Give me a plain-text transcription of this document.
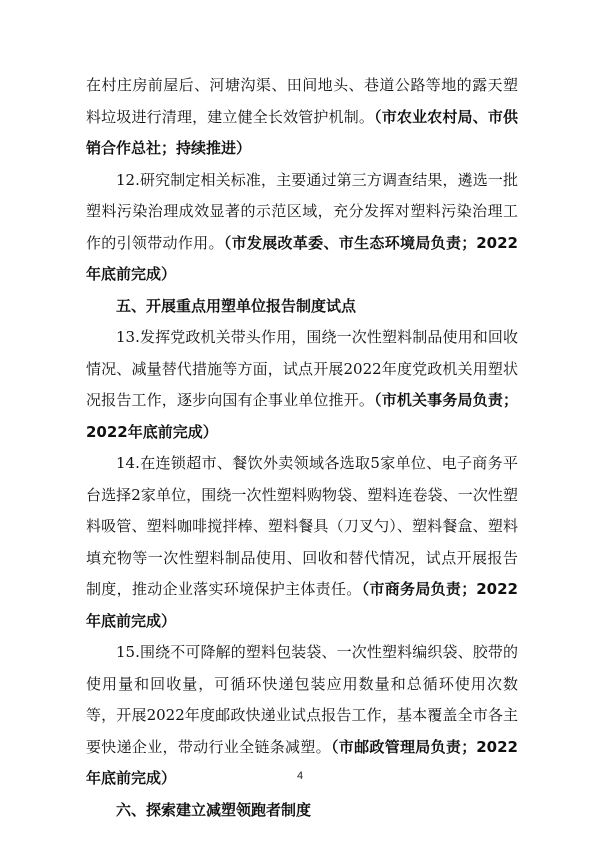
在村庄房前屋后、河塘沟渠、田间地头、巷道公路等地的露天塑料垃圾进行清理，建立健全长效管护机制。（市农业农村局、市供销合作总社；持续推进）

12.研究制定相关标准，主要通过第三方调查结果，遴选一批塑料污染治理成效显著的示范区域，充分发挥对塑料污染治理工作的引领带动作用。（市发展改革委、市生态环境局负责；2022年底前完成）

五、开展重点用塑单位报告制度试点

13.发挥党政机关带头作用，围绕一次性塑料制品使用和回收情况、减量替代措施等方面，试点开展2022年度党政机关用塑状况报告工作，逐步向国有企事业单位推开。（市机关事务局负责；2022年底前完成）

14.在连锁超市、餐饮外卖领域各选取5家单位、电子商务平台选择2家单位，围绕一次性塑料购物袋、塑料连卷袋、一次性塑料吸管、塑料咖啡搅拌棒、塑料餐具（刀叉勺）、塑料餐盒、塑料填充物等一次性塑料制品使用、回收和替代情况，试点开展报告制度，推动企业落实环境保护主体责任。（市商务局负责；2022年底前完成）

15.围绕不可降解的塑料包装袋、一次性塑料编织袋、胶带的使用量和回收量，可循环快递包装应用数量和总循环使用次数等，开展2022年度邮政快递业试点报告工作，基本覆盖全市各主要快递企业，带动行业全链条减塑。（市邮政管理局负责；2022年底前完成）

六、探索建立减塑领跑者制度

4
